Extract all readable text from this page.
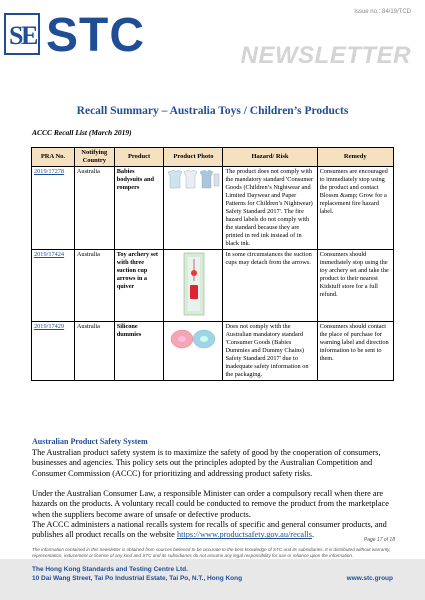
S
E STC	Issue no.: 84/19/TCD
NEWSLETTER
Recall Summary – Australia Toys / Children’s Products
ACCC Recall List (March 2019)
PRA No.	Notifying Country	Product	Product Photo	Hazard/ Risk	Remedy
2019/17278	Australia	Babies bodysuits and rompers		The product does not comply with the mandatory standard 'Consumer Goods (Children’s Nightwear and Limited Daywear and Paper Patterns for Children’s Nightwear) Safety Standard 2017'. The fire hazard labels do not comply with the standard because they are printed in red ink instead of in black ink.	Consumers are encouraged to immediately stop using the product and contact Blossm &amp; Grow for a replacement fire hazard label.
2019/17424	Australia	Toy archery set with three suction cup arrows in a quiver		In some circumstances the suction cups may detach from the arrows.	Consumers should immediately stop using the toy archery set and take the product to their nearest Kidstuff store for a full refund.
2019/17429	Australia	Silicone dummies		Does not comply with the Australian mandatory standard 'Consumer Goods (Babies Dummies and Dummy Chains) Safety Standard 2017' due to inadequate safety information on the packaging.	Consumers should contact the place of purchase for warning label and direction information to be sent to them.
Australian Product Safety System
The Australian product safety system is to maximize the safety of good by the cooperation of consumers, businesses and agencies. This policy sets out the principles adopted by the Australian Competition and Consumer Commission (ACCC) for prioritizing and addressing product safety risks.
Under the Australian Consumer Law, a responsible Minister can order a compulsory recall when there are hazards on the products. A voluntary recall could be conducted to remove the product from the marketplace when the suppliers become aware of unsafe or defective products.
The ACCC administers a national recalls system for recalls of specific and general consumer products, and publishes all product recalls on the website https://www.productsafety.gov.au/recalls.
Page 17 of 18
The information contained in this newsletter is obtained from sources believed to be accurate to the best knowledge of STC and its subsidiaries. It is distributed without warranty, representation, inducement or license of any kind and STC and its subsidiaries do not assume any legal responsibility for use or reliance upon the information.
The Hong Kong Standards and Testing Centre Ltd.
10 Dai Wang Street, Tai Po Industrial Estate, Tai Po, N.T., Hong Kong	www.stc.group
